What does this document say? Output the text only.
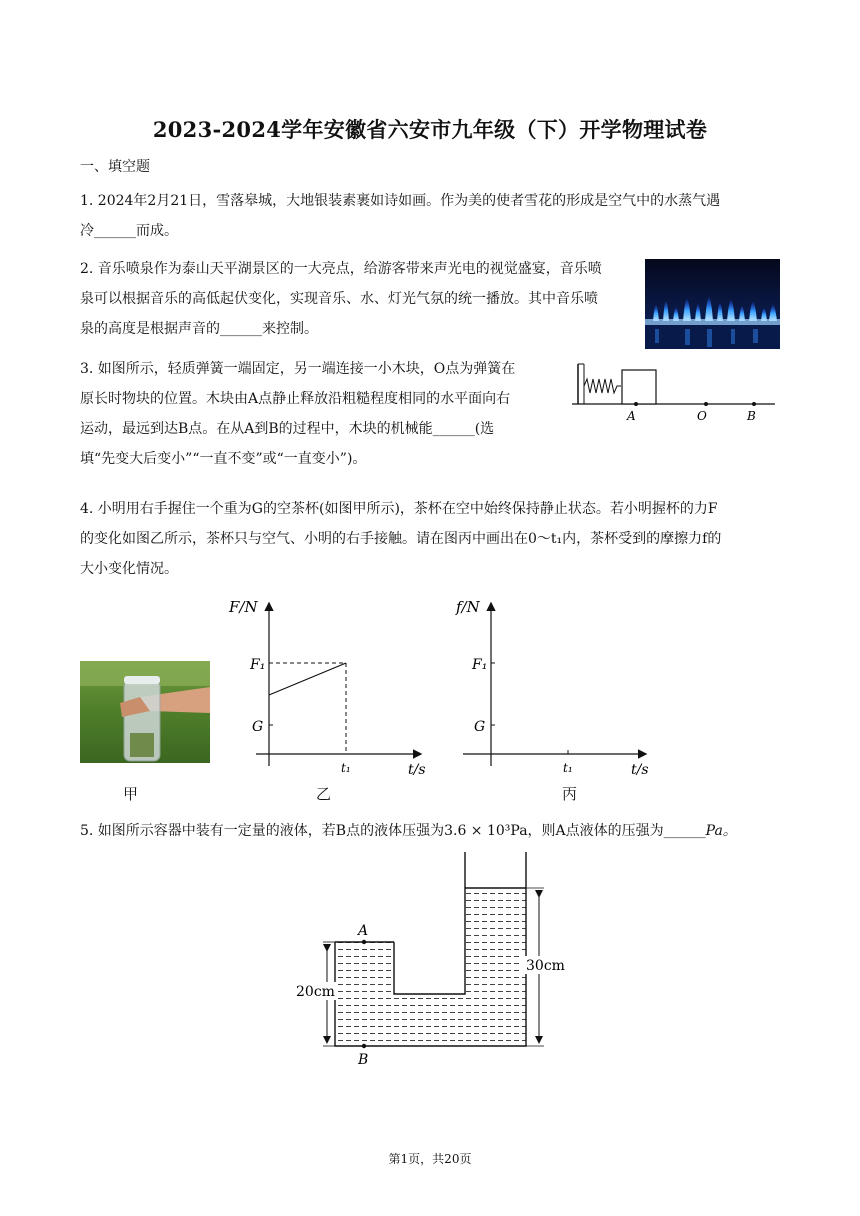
2023-2024学年安徽省六安市九年级（下）开学物理试卷
一、填空题
1. 2024年2月21日，雪落皋城，大地银装素裹如诗如画。作为美的使者雪花的形成是空气中的水蒸气遇
冷______而成。
2. 音乐喷泉作为泰山天平湖景区的一大亮点，给游客带来声光电的视觉盛宴，音乐喷
泉可以根据音乐的高低起伏变化，实现音乐、水、灯光气氛的统一播放。其中音乐喷
泉的高度是根据声音的______来控制。
3. 如图所示，轻质弹簧一端固定，另一端连接一小木块，O点为弹簧在
原长时物块的位置。木块由A点静止释放沿粗糙程度相同的水平面向右
运动，最远到达B点。在从A到B的过程中，木块的机械能______(选
填“先变大后变小”“一直不变”或“一直变小”)。
A	O	B
4. 小明用右手握住一个重为G的空茶杯(如图甲所示)，茶杯在空中始终保持静止状态。若小明握杯的力F
的变化如图乙所示，茶杯只与空气、小明的右手接触。请在图丙中画出在0～t₁内，茶杯受到的摩擦力f的
大小变化情况。
甲
F/N
t/s
F₁
G
t₁
乙
f/N
t/s
F₁
G
t₁
丙
5. 如图所示容器中装有一定量的液体，若B点的液体压强为3.6 × 10³Pa，则A点液体的压强为______Pa。
A
B
20cm
30cm
第1页，共20页
